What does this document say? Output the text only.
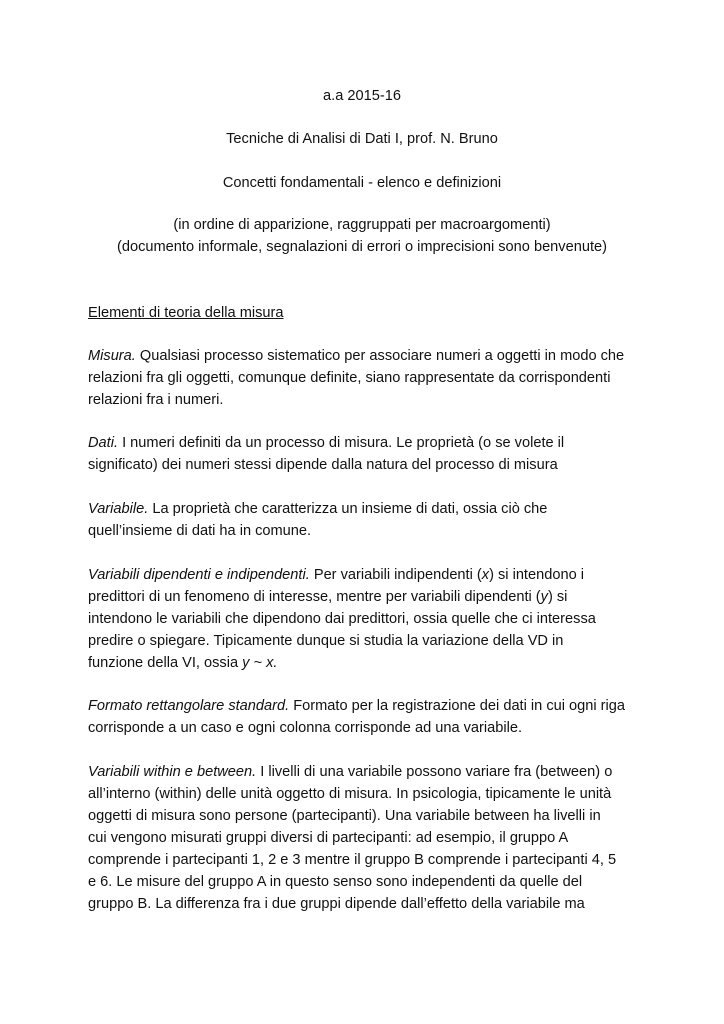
a.a 2015-16
Tecniche di Analisi di Dati I, prof. N. Bruno
Concetti fondamentali - elenco e definizioni
(in ordine di apparizione, raggruppati per macroargomenti)
(documento informale, segnalazioni di errori o imprecisioni sono benvenute)
Elementi di teoria della misura
Misura. Qualsiasi processo sistematico per associare numeri a oggetti in modo che
relazioni fra gli oggetti, comunque definite, siano rappresentate da corrispondenti
relazioni fra i numeri.
Dati. I numeri definiti da un processo di misura. Le proprietà (o se volete il
significato) dei numeri stessi dipende dalla natura del processo di misura
Variabile. La proprietà che caratterizza un insieme di dati, ossia ciò che
quell’insieme di dati ha in comune.
Variabili dipendenti e indipendenti. Per variabili indipendenti (x) si intendono i
predittori di un fenomeno di interesse, mentre per variabili dipendenti (y) si
intendono le variabili che dipendono dai predittori, ossia quelle che ci interessa
predire o spiegare. Tipicamente dunque si studia la variazione della VD in
funzione della VI, ossia y ~ x.
Formato rettangolare standard. Formato per la registrazione dei dati in cui ogni riga
corrisponde a un caso e ogni colonna corrisponde ad una variabile.
Variabili within e between. I livelli di una variabile possono variare fra (between) o
all’interno (within) delle unità oggetto di misura. In psicologia, tipicamente le unità
oggetti di misura sono persone (partecipanti). Una variabile between ha livelli in
cui vengono misurati gruppi diversi di partecipanti: ad esempio, il gruppo A
comprende i partecipanti 1, 2 e 3 mentre il gruppo B comprende i partecipanti 4, 5
e 6. Le misure del gruppo A in questo senso sono independenti da quelle del
gruppo B. La differenza fra i due gruppi dipende dall’effetto della variabile ma
